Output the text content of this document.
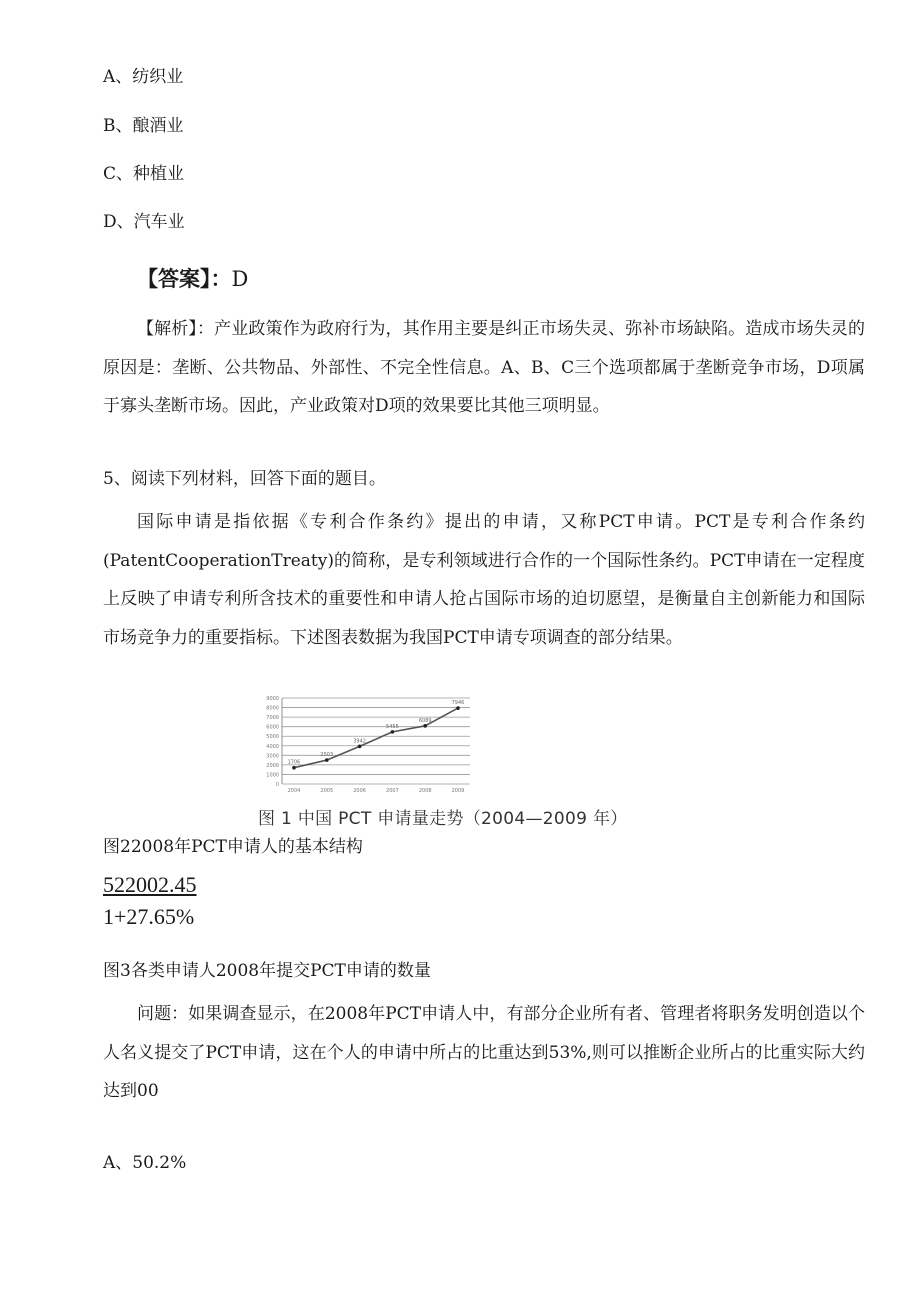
A、纺织业
B、酿酒业
C、种植业
D、汽车业
【答案】：D
【解析】：产业政策作为政府行为，其作用主要是纠正市场失灵、弥补市场缺陷。造成市场失灵的原因是：垄断、公共物品、外部性、不完全性信息。A、B、C三个选项都属于垄断竞争市场，D项属于寡头垄断市场。因此，产业政策对D项的效果要比其他三项明显。
5、阅读下列材料，回答下面的题目。
国际申请是指依据《专利合作条约》提出的申请，又称PCT申请。PCT是专利合作条约(PatentCooperationTreaty)的简称，是专利领域进行合作的一个国际性条约。PCT申请在一定程度上反映了申请专利所含技术的重要性和申请人抢占国际市场的迫切愿望，是衡量自主创新能力和国际市场竞争力的重要指标。下述图表数据为我国PCT申请专项调查的部分结果。
0
1000
2000
3000
4000
5000
6000
7000
8000
9000
2004	2005	2006	2007	2008	2009
1706
2503
3942
5455
6089
7946
图 1 中国 PCT 申请量走势（2004—2009 年）
图22008年PCT申请人的基本结构
522002.45
1+27.65%
图3各类申请人2008年提交PCT申请的数量
问题：如果调查显示，在2008年PCT申请人中，有部分企业所有者、管理者将职务发明创造以个人名义提交了PCT申请，这在个人的申请中所占的比重达到53%,则可以推断企业所占的比重实际大约达到00
A、50.2%
